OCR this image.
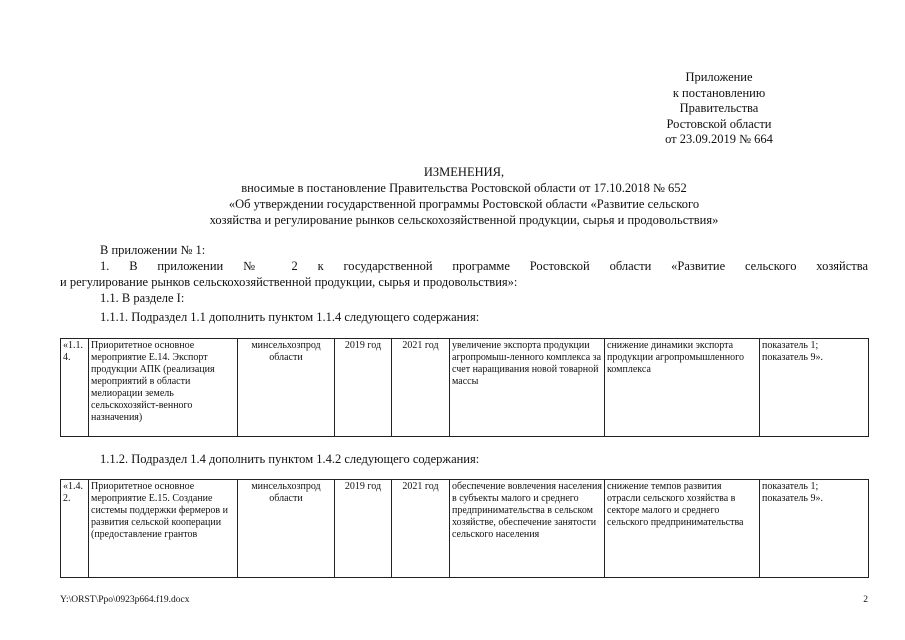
Приложение
к постановлению
Правительства
Ростовской области
от 23.09.2019 № 664
ИЗМЕНЕНИЯ,
вносимые в постановление Правительства Ростовской области от 17.10.2018 № 652
«Об утверждении государственной программы Ростовской области «Развитие сельского
хозяйства и регулирование рынков сельскохозяйственной продукции, сырья и продовольствия»
В приложении № 1:
1. В приложении № 2 к государственной программе Ростовской области «Развитие сельского хозяйства
и регулирование рынков сельскохозяйственной продукции, сырья и продовольствия»:
1.1. В разделе I:
1.1.1. Подраздел 1.1 дополнить пунктом 1.1.4 следующего содержания:
«1.1.4.	Приоритетное основное мероприятие Е.14. Экспорт продукции АПК (реализация мероприятий в области мелиорации земель сельскохозяйст-венного назначения)	минсельхозпрод области	2019 год	2021 год	увеличение экспорта продукции агропромыш-ленного комплекса за счет наращивания новой товарной массы	снижение динамики экспорта продукции агропромышленного комплекса	показатель 1; показатель 9».
1.1.2. Подраздел 1.4 дополнить пунктом 1.4.2 следующего содержания:
«1.4.2.	Приоритетное основное мероприятие Е.15. Создание системы поддержки фермеров и развития сельской кооперации (предоставление грантов	минсельхозпрод области	2019 год	2021 год	обеспечение вовлечения населения в субъекты малого и среднего предпринимательства в сельском хозяйстве, обеспечение занятости сельского населения	снижение темпов развития отрасли сельского хозяйства в секторе малого и среднего сельского предпринимательства	показатель 1; показатель 9».
Y:\ORST\Ppo\0923p664.f19.docx	2
